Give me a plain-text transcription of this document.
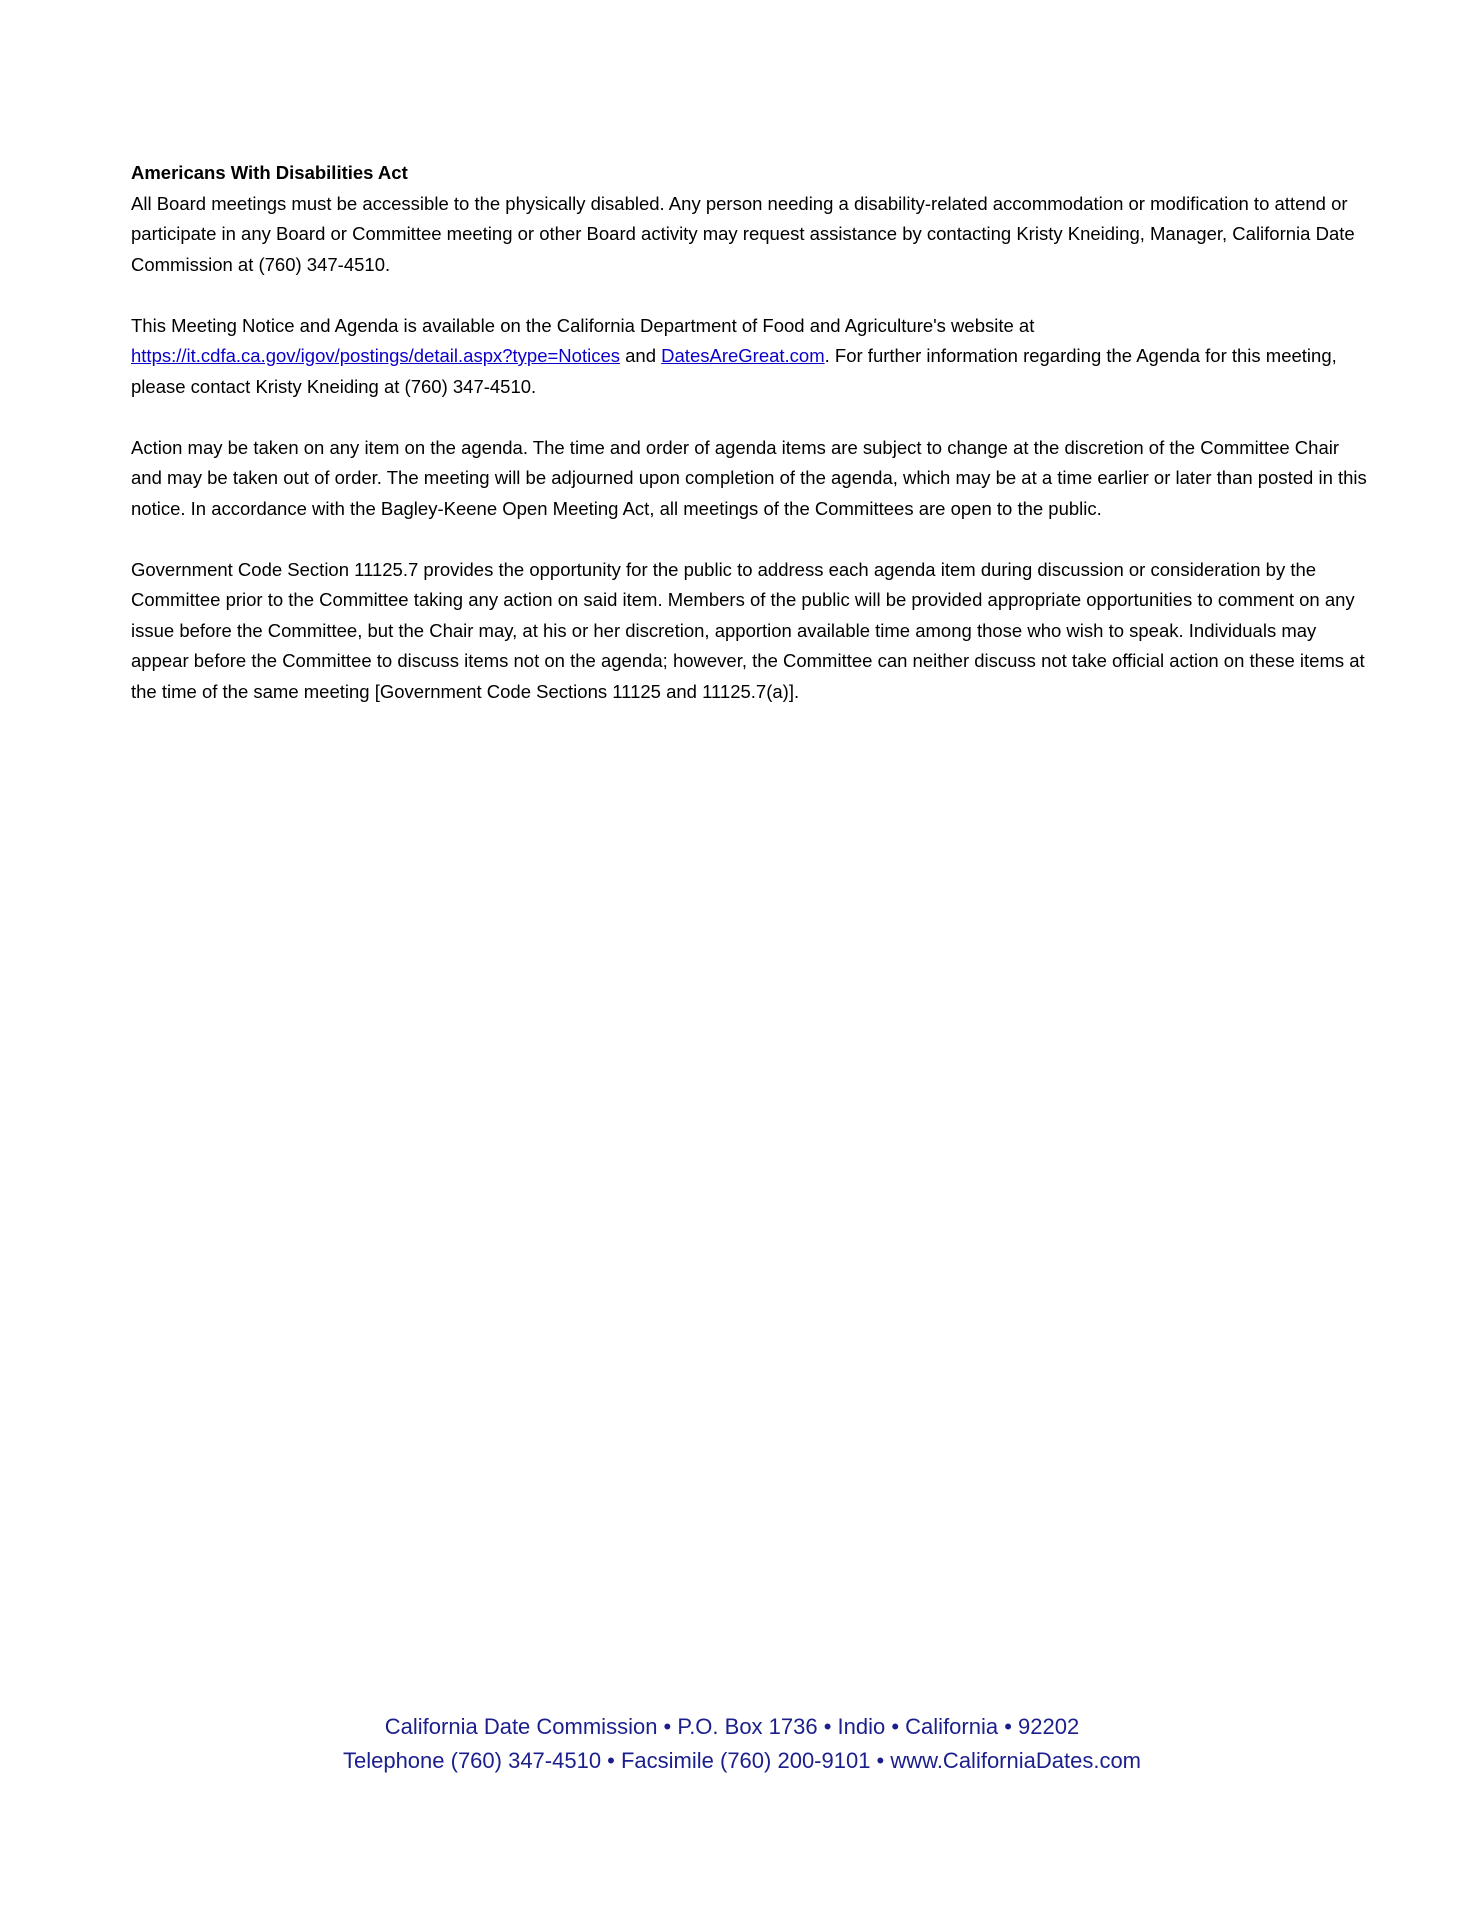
Americans With Disabilities Act

All Board meetings must be accessible to the physically disabled. Any person needing a disability-related accommodation or modification to attend or participate in any Board or Committee meeting or other Board activity may request assistance by contacting Kristy Kneiding, Manager, California Date Commission at (760) 347-4510.

This Meeting Notice and Agenda is available on the California Department of Food and Agriculture's website at https://it.cdfa.ca.gov/igov/postings/detail.aspx?type=Notices and DatesAreGreat.com. For further information regarding the Agenda for this meeting, please contact Kristy Kneiding at (760) 347-4510.

Action may be taken on any item on the agenda. The time and order of agenda items are subject to change at the discretion of the Committee Chair and may be taken out of order. The meeting will be adjourned upon completion of the agenda, which may be at a time earlier or later than posted in this notice. In accordance with the Bagley-Keene Open Meeting Act, all meetings of the Committees are open to the public.

Government Code Section 11125.7 provides the opportunity for the public to address each agenda item during discussion or consideration by the Committee prior to the Committee taking any action on said item. Members of the public will be provided appropriate opportunities to comment on any issue before the Committee, but the Chair may, at his or her discretion, apportion available time among those who wish to speak. Individuals may appear before the Committee to discuss items not on the agenda; however, the Committee can neither discuss not take official action on these items at the time of the same meeting [Government Code Sections 11125 and 11125.7(a)].

California Date Commission • P.O. Box 1736 • Indio • California • 92202
Telephone (760) 347-4510 • Facsimile (760) 200-9101 • www.CaliforniaDates.com
